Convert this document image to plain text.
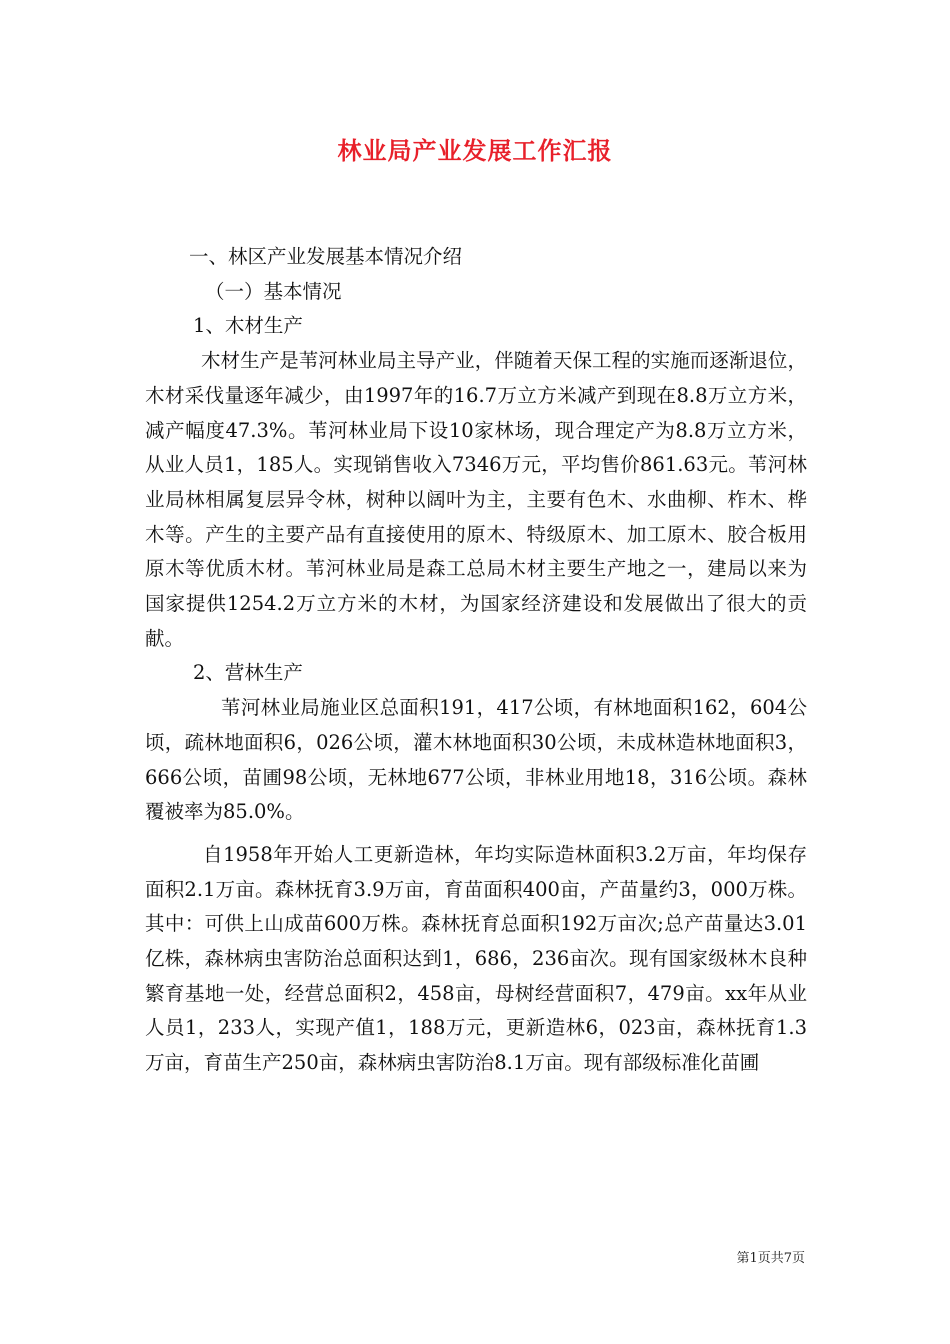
林业局产业发展工作汇报

一、林区产业发展基本情况介绍

（一）基本情况

1、木材生产

木材生产是苇河林业局主导产业，伴随着天保工程的实施而逐渐退位，木材采伐量逐年减少，由1997年的16.7万立方米减产到现在8.8万立方米，减产幅度47.3%。苇河林业局下设10家林场，现合理定产为8.8万立方米，从业人员1，185人。实现销售收入7346万元，平均售价861.63元。苇河林业局林相属复层异令林，树种以阔叶为主，主要有色木、水曲柳、柞木、桦木等。产生的主要产品有直接使用的原木、特级原木、加工原木、胶合板用原木等优质木材。苇河林业局是森工总局木材主要生产地之一，建局以来为国家提供1254.2万立方米的木材，为国家经济建设和发展做出了很大的贡献。

2、营林生产

苇河林业局施业区总面积191，417公顷，有林地面积162，604公顷，疏林地面积6，026公顷，灌木林地面积30公顷，未成林造林地面积3，666公顷，苗圃98公顷，无林地677公顷，非林业用地18，316公顷。森林覆被率为85.0%。

自1958年开始人工更新造林，年均实际造林面积3.2万亩，年均保存面积2.1万亩。森林抚育3.9万亩，育苗面积400亩，产苗量约3，000万株。其中：可供上山成苗600万株。森林抚育总面积192万亩次;总产苗量达3.01亿株，森林病虫害防治总面积达到1，686，236亩次。现有国家级林木良种繁育基地一处，经营总面积2，458亩，母树经营面积7，479亩。xx年从业人员1，233人，实现产值1，188万元，更新造林6，023亩，森林抚育1.3万亩，育苗生产250亩，森林病虫害防治8.1万亩。现有部级标准化苗圃

第1页共7页
